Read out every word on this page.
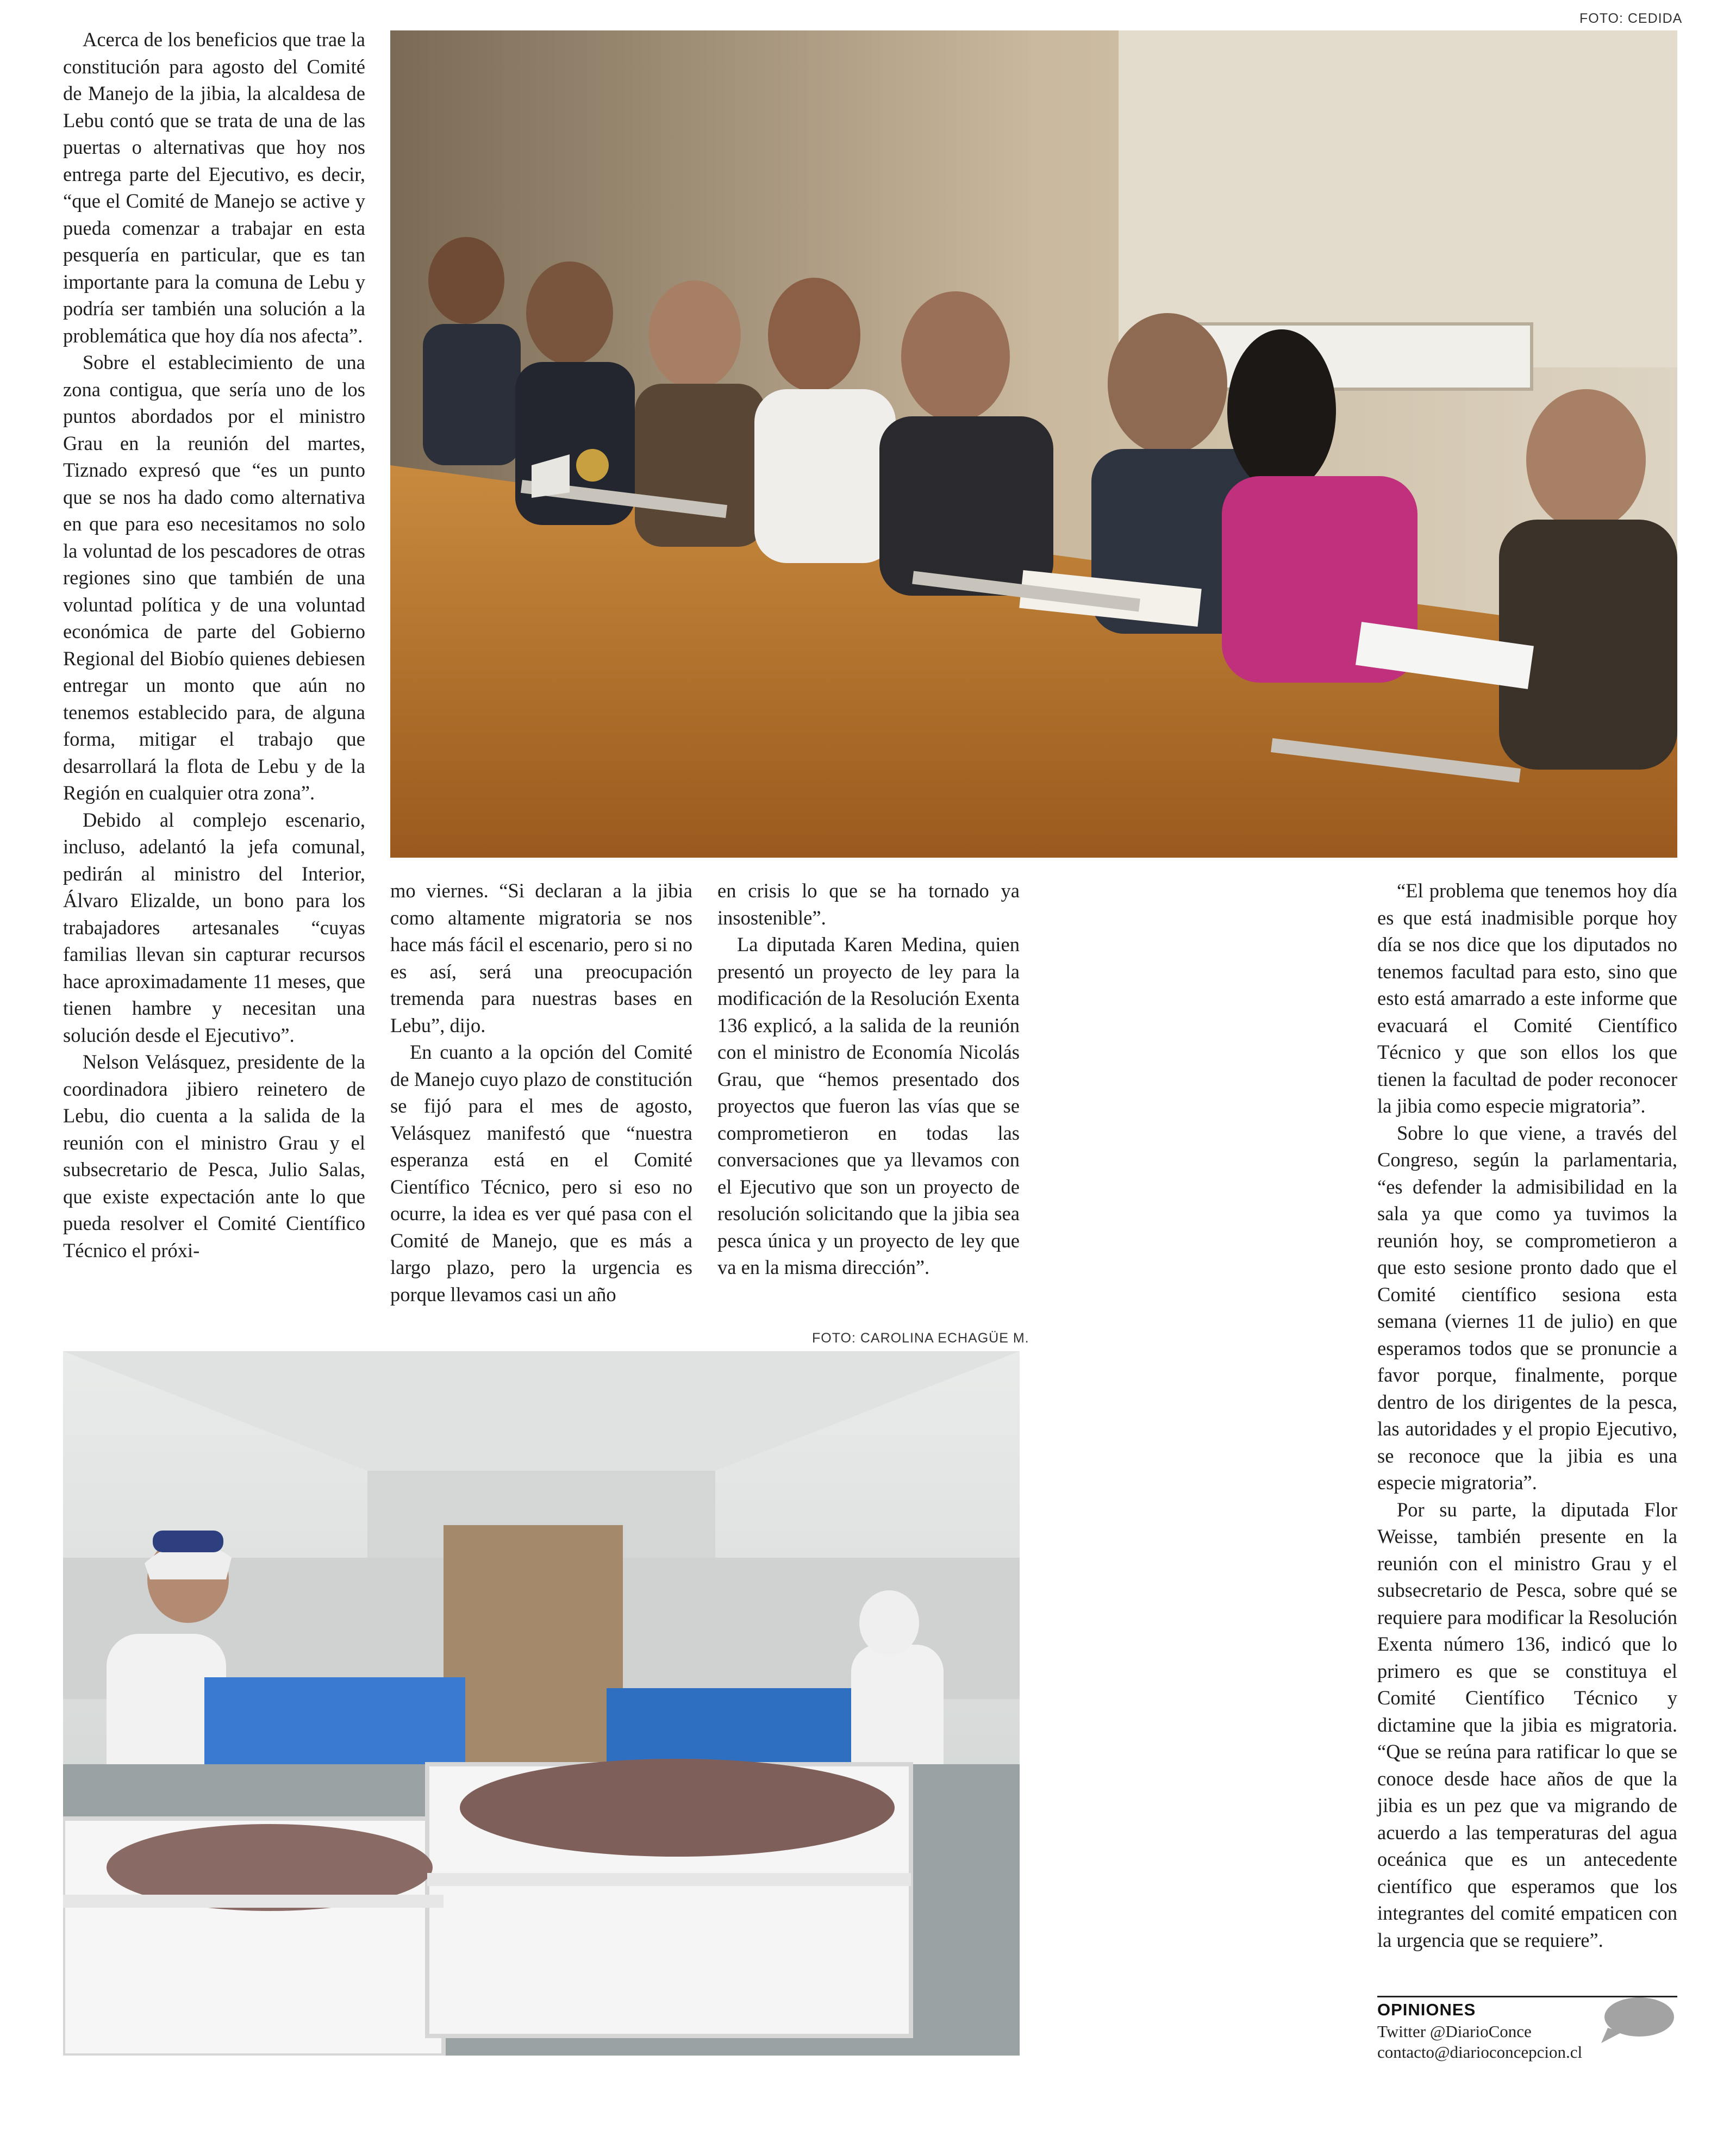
FOTO: CEDIDA

Acerca de los beneficios que trae la constitución para agosto del Comité de Manejo de la jibia, la alcaldesa de Lebu contó que se trata de una de las puertas o alternativas que hoy nos entrega parte del Ejecutivo, es decir, “que el Comité de Manejo se active y pueda comenzar a trabajar en esta pesquería en particular, que es tan importante para la comuna de Lebu y podría ser también una solución a la problemática que hoy día nos afecta”.

Sobre el establecimiento de una zona contigua, que sería uno de los puntos abordados por el ministro Grau en la reunión del martes, Tiznado expresó que “es un punto que se nos ha dado como alternativa en que para eso necesitamos no solo la voluntad de los pescadores de otras regiones sino que también de una voluntad política y de una voluntad económica de parte del Gobierno Regional del Biobío quienes debiesen entregar un monto que aún no tenemos establecido para, de alguna forma, mitigar el trabajo que desarrollará la flota de Lebu y de la Región en cualquier otra zona”.

Debido al complejo escenario, incluso, adelantó la jefa comunal, pedirán al ministro del Interior, Álvaro Elizalde, un bono para los trabajadores artesanales “cuyas familias llevan sin capturar recursos hace aproximadamente 11 meses, que tienen hambre y necesitan una solución desde el Ejecutivo”.

Nelson Velásquez, presidente de la coordinadora jibiero reinetero de Lebu, dio cuenta a la salida de la reunión con el ministro Grau y el subsecretario de Pesca, Julio Salas, que existe expectación ante lo que pueda resolver el Comité Científico Técnico el próxi-

mo viernes. “Si declaran a la jibia como altamente migratoria se nos hace más fácil el escenario, pero si no es así, será una preocupación tremenda para nuestras bases en Lebu”, dijo.

En cuanto a la opción del Comité de Manejo cuyo plazo de constitución se fijó para el mes de agosto, Velásquez manifestó que “nuestra esperanza está en el Comité Científico Técnico, pero si eso no ocurre, la idea es ver qué pasa con el Comité de Manejo, que es más a largo plazo, pero la urgencia es porque llevamos casi un año

en crisis lo que se ha tornado ya insostenible”.

La diputada Karen Medina, quien presentó un proyecto de ley para la modificación de la Resolución Exenta 136 explicó, a la salida de la reunión con el ministro de Economía Nicolás Grau, que “hemos presentado dos proyectos que fueron las vías que se comprometieron en todas las conversaciones que ya llevamos con el Ejecutivo que son un proyecto de resolución solicitando que la jibia sea pesca única y un proyecto de ley que va en la misma dirección”.

“El problema que tenemos hoy día es que está inadmisible porque hoy día se nos dice que los diputados no tenemos facultad para esto, sino que esto está amarrado a este informe que evacuará el Comité Científico Técnico y que son ellos los que tienen la facultad de poder reconocer la jibia como especie migratoria”.

Sobre lo que viene, a través del Congreso, según la parlamentaria, “es defender la admisibilidad en la sala ya que como ya tuvimos la reunión hoy, se comprometieron a que esto sesione pronto dado que el Comité científico sesiona esta semana (viernes 11 de julio) en que esperamos todos que se pronuncie a favor porque, finalmente, porque dentro de los dirigentes de la pesca, las autoridades y el propio Ejecutivo, se reconoce que la jibia es una especie migratoria”.

Por su parte, la diputada Flor Weisse, también presente en la reunión con el ministro Grau y el subsecretario de Pesca, sobre qué se requiere para modificar la Resolución Exenta número 136, indicó que lo primero es que se constituya el Comité Científico Técnico y dictamine que la jibia es migratoria. “Que se reúna para ratificar lo que se conoce desde hace años de que la jibia es un pez que va migrando de acuerdo a las temperaturas del agua oceánica que es un antecedente científico que esperamos que los integrantes del comité empaticen con la urgencia que se requiere”.

FOTO: CAROLINA ECHAGÜE M.
OPINIONES
Twitter @DiarioConce
contacto@diarioconcepcion.cl
